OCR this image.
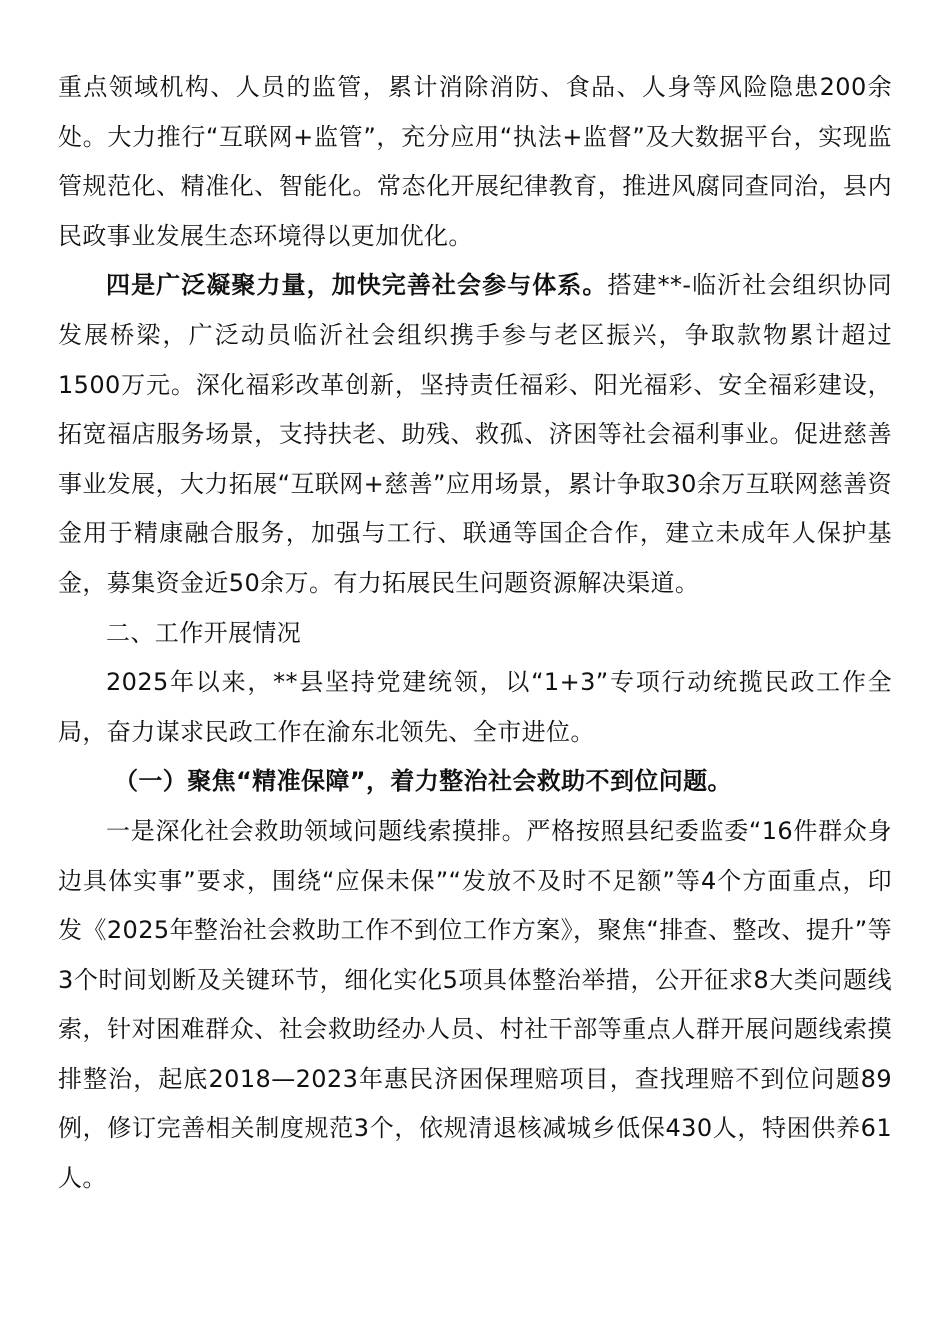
重点领域机构、人员的监管，累计消除消防、食品、人身等风险隐患200余处。大力推行“互联网+监管”，充分应用“执法+监督”及大数据平台，实现监管规范化、精准化、智能化。常态化开展纪律教育，推进风腐同查同治，县内民政事业发展生态环境得以更加优化。

四是广泛凝聚力量，加快完善社会参与体系。搭建**-临沂社会组织协同发展桥梁，广泛动员临沂社会组织携手参与老区振兴，争取款物累计超过1500万元。深化福彩改革创新，坚持责任福彩、阳光福彩、安全福彩建设，拓宽福店服务场景，支持扶老、助残、救孤、济困等社会福利事业。促进慈善事业发展，大力拓展“互联网+慈善”应用场景，累计争取30余万互联网慈善资金用于精康融合服务，加强与工行、联通等国企合作，建立未成年人保护基金，募集资金近50余万。有力拓展民生问题资源解决渠道。

二、工作开展情况

2025年以来，**县坚持党建统领，以“1+3”专项行动统揽民政工作全局，奋力谋求民政工作在渝东北领先、全市进位。

（一）聚焦“精准保障”，着力整治社会救助不到位问题。

一是深化社会救助领域问题线索摸排。严格按照县纪委监委“16件群众身边具体实事”要求，围绕“应保未保”“发放不及时不足额”等4个方面重点，印发《2025年整治社会救助工作不到位工作方案》，聚焦“排查、整改、提升”等3个时间划断及关键环节，细化实化5项具体整治举措，公开征求8大类问题线索，针对困难群众、社会救助经办人员、村社干部等重点人群开展问题线索摸排整治，起底2018—2023年惠民济困保理赔项目，查找理赔不到位问题89例，修订完善相关制度规范3个，依规清退核减城乡低保430人，特困供养61人。
